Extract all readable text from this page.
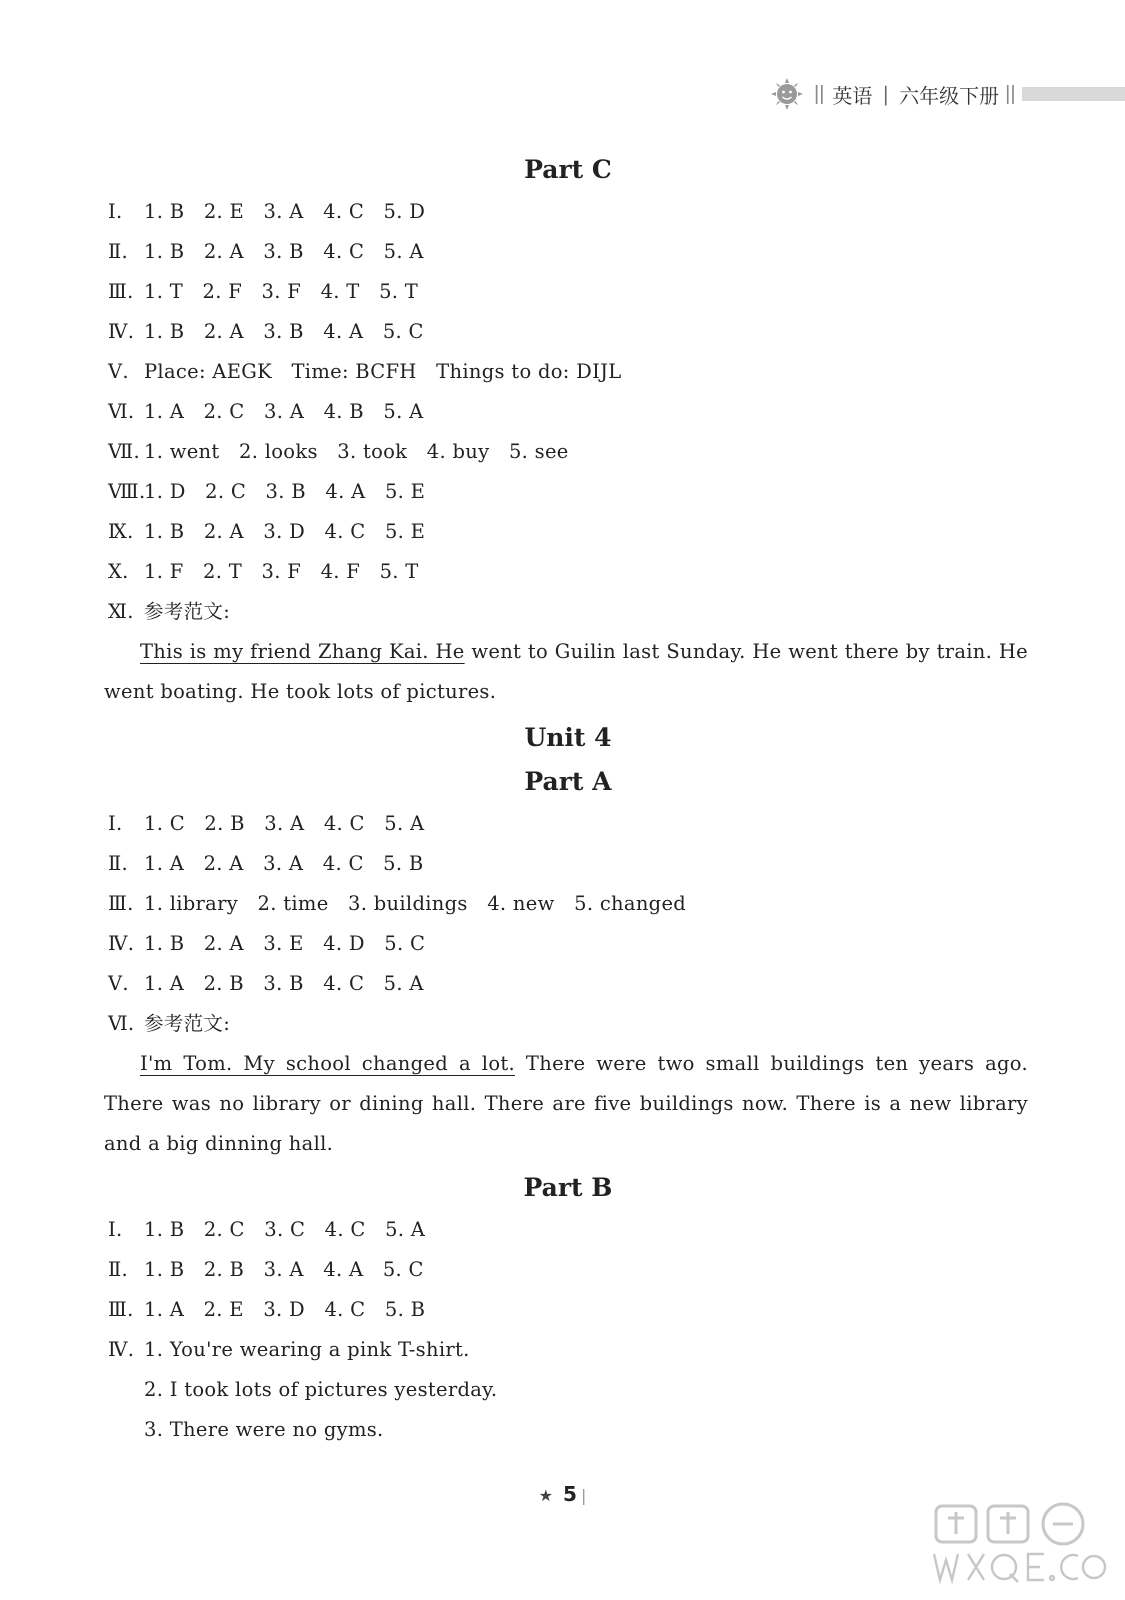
|| 英语 | 六年级下册 ||
Part C
Ⅰ. 1. B   2. E   3. A   4. C   5. D
Ⅱ. 1. B   2. A   3. B   4. C   5. A
Ⅲ. 1. T   2. F   3. F   4. T   5. T
Ⅳ. 1. B   2. A   3. B   4. A   5. C
Ⅴ. Place: AEGK   Time: BCFH   Things to do: DIJL
Ⅵ. 1. A   2. C   3. A   4. B   5. A
Ⅶ. 1. went   2. looks   3. took   4. buy   5. see
Ⅷ.1. D   2. C   3. B   4. A   5. E
Ⅸ. 1. B   2. A   3. D   4. C   5. E
Ⅹ. 1. F   2. T   3. F   4. F   5. T
Ⅺ. 参考范文:

This is my friend Zhang Kai. He went to Guilin last Sunday. He went there by train. He went boating. He took lots of pictures.

Unit 4
Part A
Ⅰ. 1. C   2. B   3. A   4. C   5. A
Ⅱ. 1. A   2. A   3. A   4. C   5. B
Ⅲ. 1. library   2. time   3. buildings   4. new   5. changed
Ⅳ. 1. B   2. A   3. E   4. D   5. C
Ⅴ. 1. A   2. B   3. B   4. C   5. A
Ⅵ. 参考范文:

I'm Tom. My school changed a lot. There were two small buildings ten years ago. There was no library or dining hall. There are five buildings now. There is a new library and a big dinning hall.

Part B
Ⅰ. 1. B   2. C   3. C   4. C   5. A
Ⅱ. 1. B   2. B   3. A   4. A   5. C
Ⅲ. 1. A   2. E   3. D   4. C   5. B
Ⅳ. 1. You're wearing a pink T-shirt.
2. I took lots of pictures yesterday.
3. There were no gyms.
★ 5 |
